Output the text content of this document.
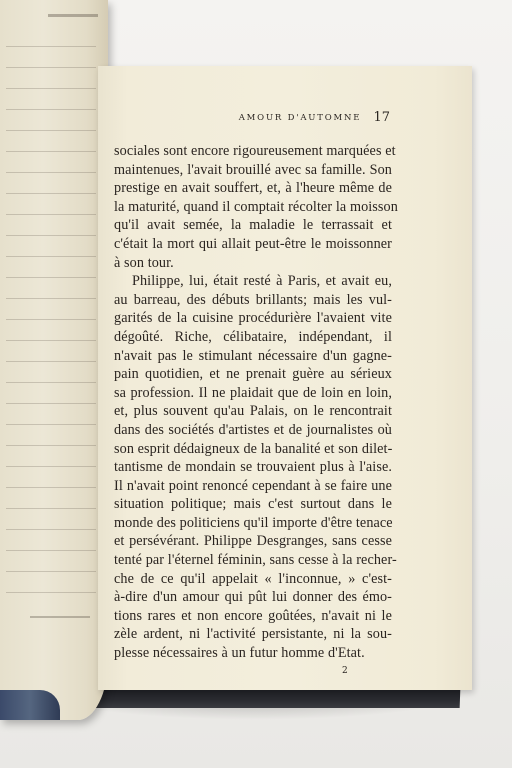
AMOUR D'AUTOMNE 17
sociales sont encore rigoureusement marquées et
maintenues, l'avait brouillé avec sa famille. Son
prestige en avait souffert, et, à l'heure même de
la maturité, quand il comptait récolter la moisson
qu'il avait semée, la maladie le terrassait et
c'était la mort qui allait peut-être le moissonner
à son tour.
Philippe, lui, était resté à Paris, et avait eu,
au barreau, des débuts brillants; mais les vul-
garités de la cuisine procédurière l'avaient vite
dégoûté. Riche, célibataire, indépendant, il
n'avait pas le stimulant nécessaire d'un gagne-
pain quotidien, et ne prenait guère au sérieux
sa profession. Il ne plaidait que de loin en loin,
et, plus souvent qu'au Palais, on le rencontrait
dans des sociétés d'artistes et de journalistes où
son esprit dédaigneux de la banalité et son dilet-
tantisme de mondain se trouvaient plus à l'aise.
Il n'avait point renoncé cependant à se faire une
situation politique; mais c'est surtout dans le
monde des politiciens qu'il importe d'être tenace
et persévérant. Philippe Desgranges, sans cesse
tenté par l'éternel féminin, sans cesse à la recher-
che de ce qu'il appelait « l'inconnue, » c'est-
à-dire d'un amour qui pût lui donner des émo-
tions rares et non encore goûtées, n'avait ni le
zèle ardent, ni l'activité persistante, ni la sou-
plesse nécessaires à un futur homme d'Etat.
2
